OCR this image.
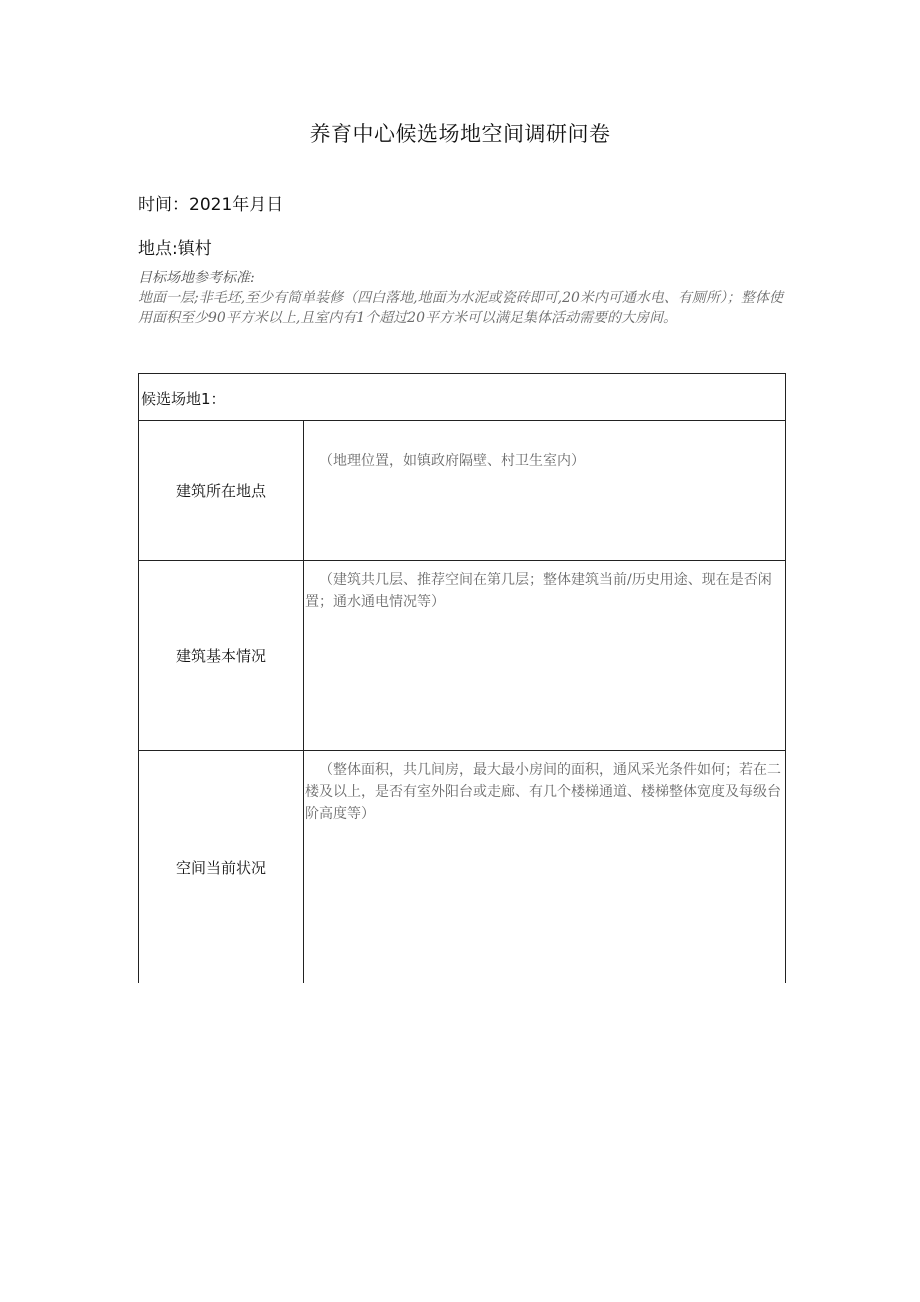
养育中心候选场地空间调研问卷
时间：2021年月日
地点:镇村
目标场地参考标准:
地面一层;非毛坯,至少有简单装修（四白落地,地面为水泥或瓷砖即可,20米内可通水电、有厕所）；整体使用面积至少90平方米以上,且室内有1个超过20平方米可以满足集体活动需要的大房间。
候选场地1：
建筑所在地点
（地理位置，如镇政府隔壁、村卫生室内）
建筑基本情况
（建筑共几层、推荐空间在第几层；整体建筑当前/历史用途、现在是否闲置；通水通电情况等）
空间当前状况
（整体面积，共几间房，最大最小房间的面积，通风采光条件如何；若在二楼及以上，是否有室外阳台或走廊、有几个楼梯通道、楼梯整体宽度及每级台阶高度等）
